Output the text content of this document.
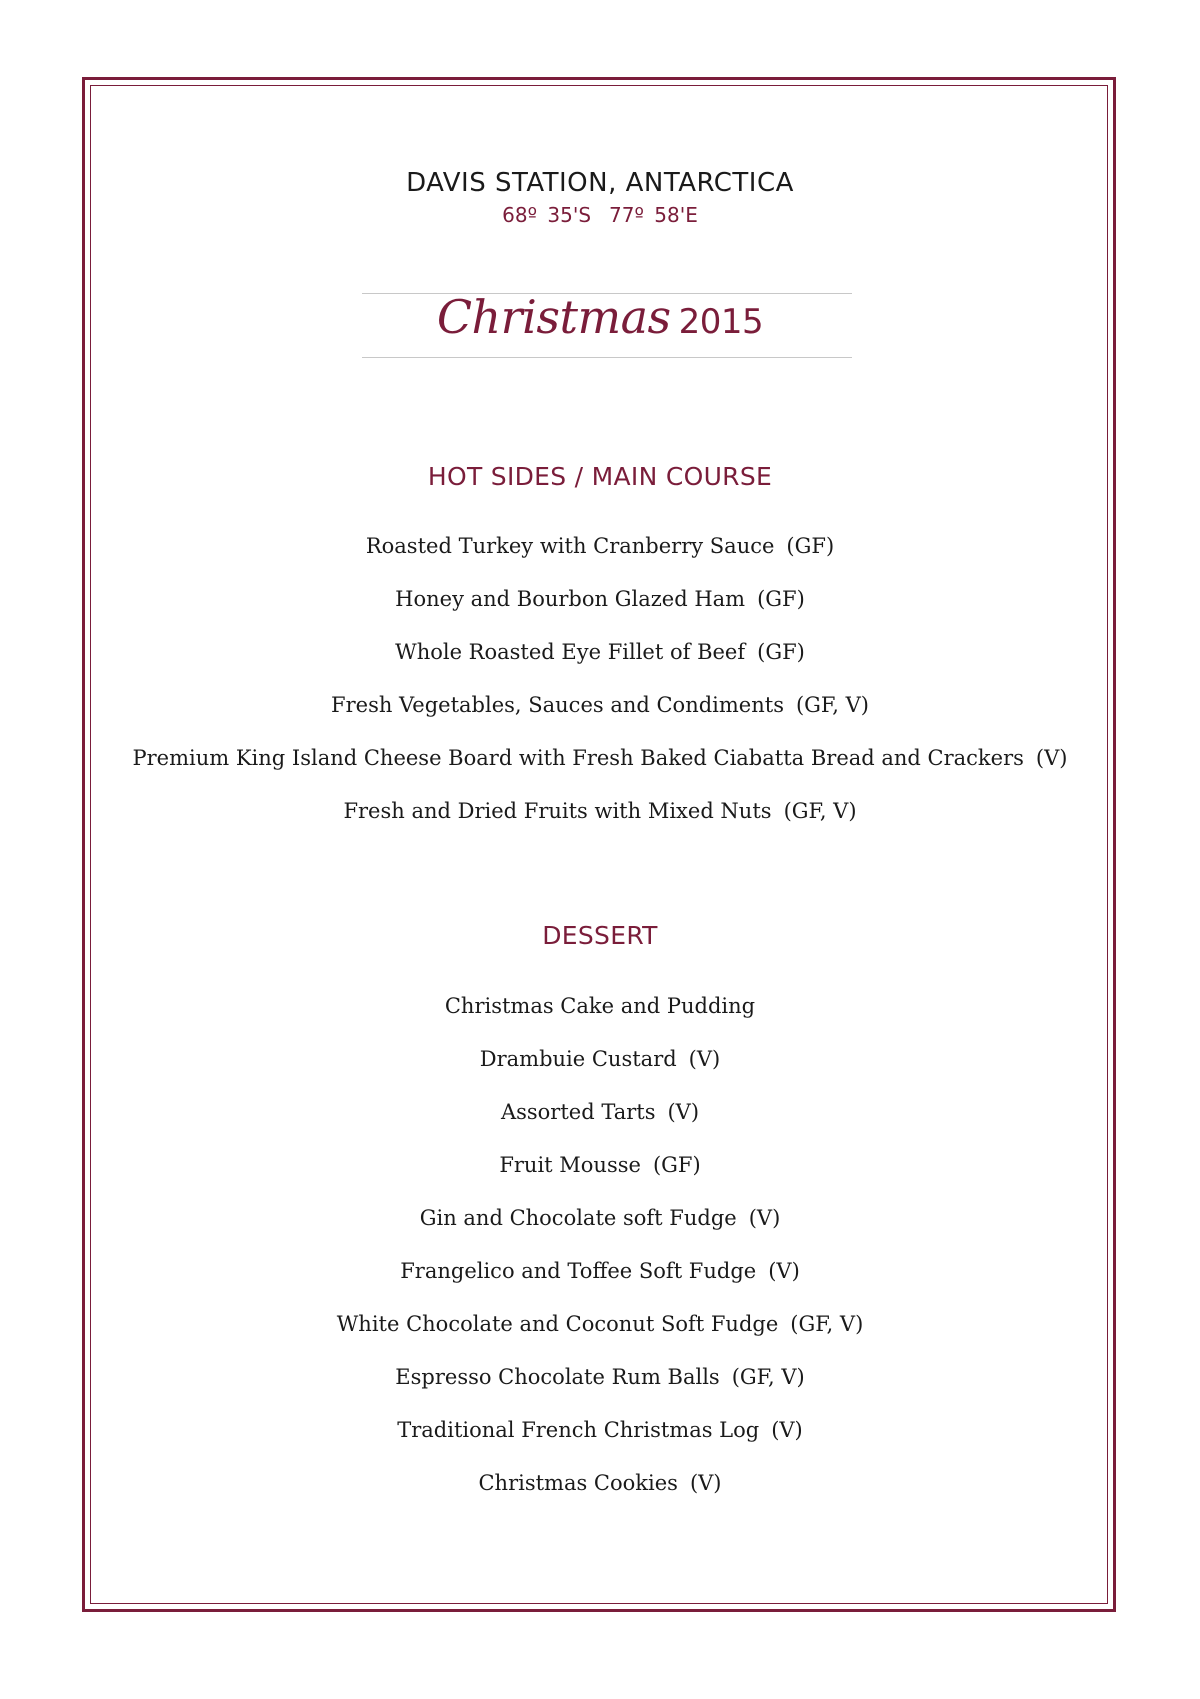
DAVIS STATION, ANTARCTICA
68º 35'S 77º 58'E
Christmas 2015
HOT SIDES / MAIN COURSE
Roasted Turkey with Cranberry Sauce (GF)
Honey and Bourbon Glazed Ham (GF)
Whole Roasted Eye Fillet of Beef (GF)
Fresh Vegetables, Sauces and Condiments (GF, V)
Premium King Island Cheese Board with Fresh Baked Ciabatta Bread and Crackers (V)
Fresh and Dried Fruits with Mixed Nuts (GF, V)
DESSERT
Christmas Cake and Pudding
Drambuie Custard (V)
Assorted Tarts (V)
Fruit Mousse (GF)
Gin and Chocolate soft Fudge (V)
Frangelico and Toffee Soft Fudge (V)
White Chocolate and Coconut Soft Fudge (GF, V)
Espresso Chocolate Rum Balls (GF, V)
Traditional French Christmas Log (V)
Christmas Cookies (V)
